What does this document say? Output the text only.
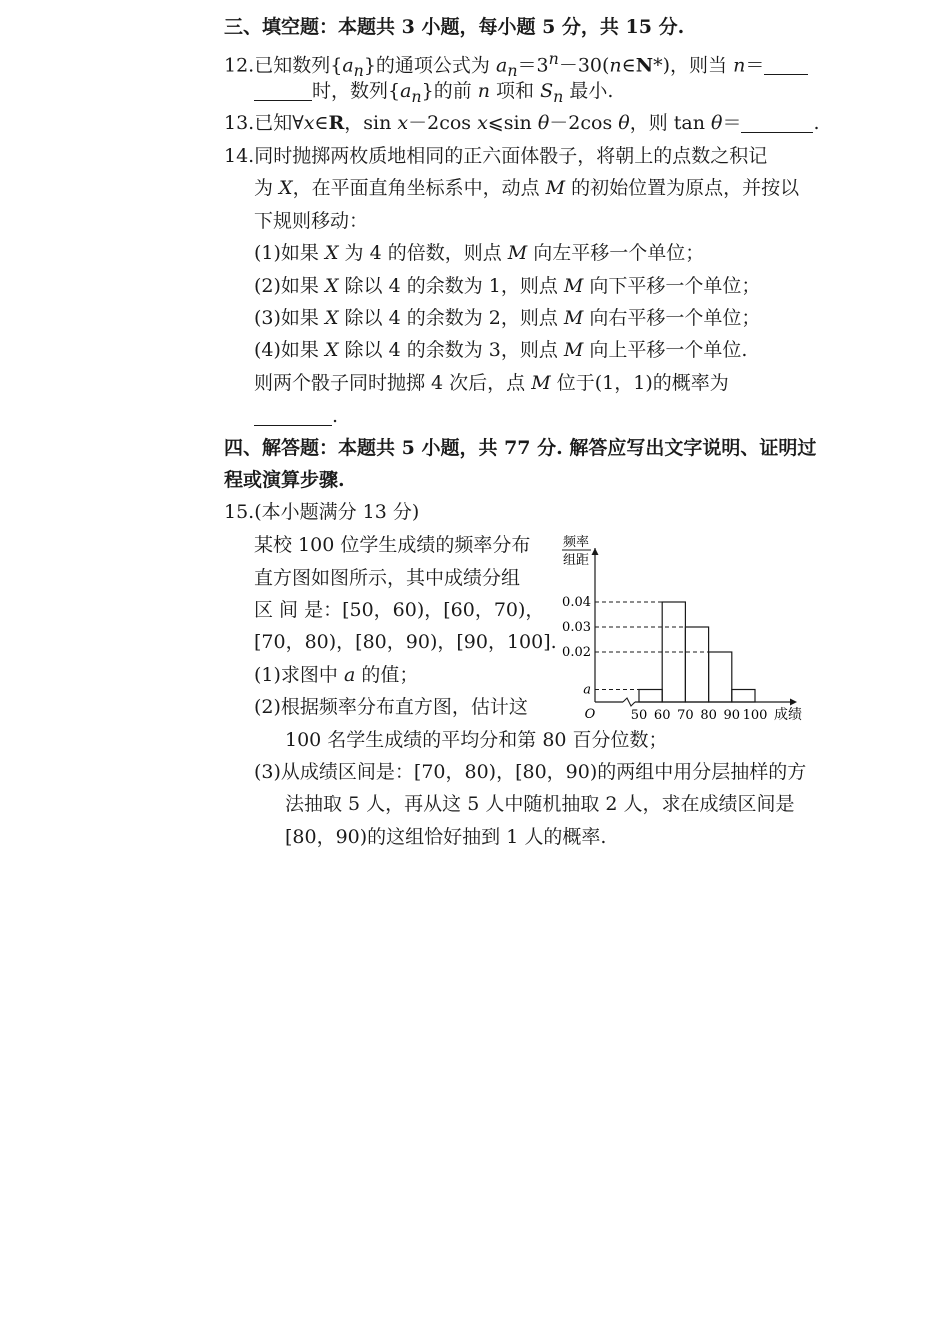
三、填空题：本题共 3 小题，每小题 5 分，共 15 分.
12.已知数列$\{a_n\}$的通项公式为 $a_n=3^n-30(n\in N*)$，则当 n＝
时，数列$\{a_n\}$的前 n 项和 $S_n$ 最小.
13.已知∀x∈R，sin x－2cos x⩽sin θ－2cos θ，则 tan θ＝	.
14.同时抛掷两枚质地相同的正六面体骰子，将朝上的点数之积记
为 X，在平面直角坐标系中，动点 M 的初始位置为原点，并按以
下规则移动：
(1)如果 X 为 4 的倍数，则点 M 向左平移一个单位；
(2)如果 X 除以 4 的余数为 1，则点 M 向下平移一个单位；
(3)如果 X 除以 4 的余数为 2，则点 M 向右平移一个单位；
(4)如果 X 除以 4 的余数为 3，则点 M 向上平移一个单位.
则两个骰子同时抛掷 4 次后，点 M 位于(1，1)的概率为
.
四、解答题：本题共 5 小题，共 77 分. 解答应写出文字说明、证明过
程或演算步骤.
15.(本小题满分 13 分)
某校 100 位学生成绩的频率分布
直方图如图所示，其中成绩分组
区 间 是：[50，60)，[60，70)，
[70，80)，[80，90)，[90，100].
(1)求图中 a 的值；
(2)根据频率分布直方图，估计这
100 名学生成绩的平均分和第 80 百分位数；
(3)从成绩区间是：[70，80)，[80，90)的两组中用分层抽样的方
法抽取 5 人，再从这 5 人中随机抽取 2 人，求在成绩区间是
[80，90)的这组恰好抽到 1 人的概率.
频率
组距
0.04
0.03
0.02
a
50 60 70 80 90 100
O	成绩
